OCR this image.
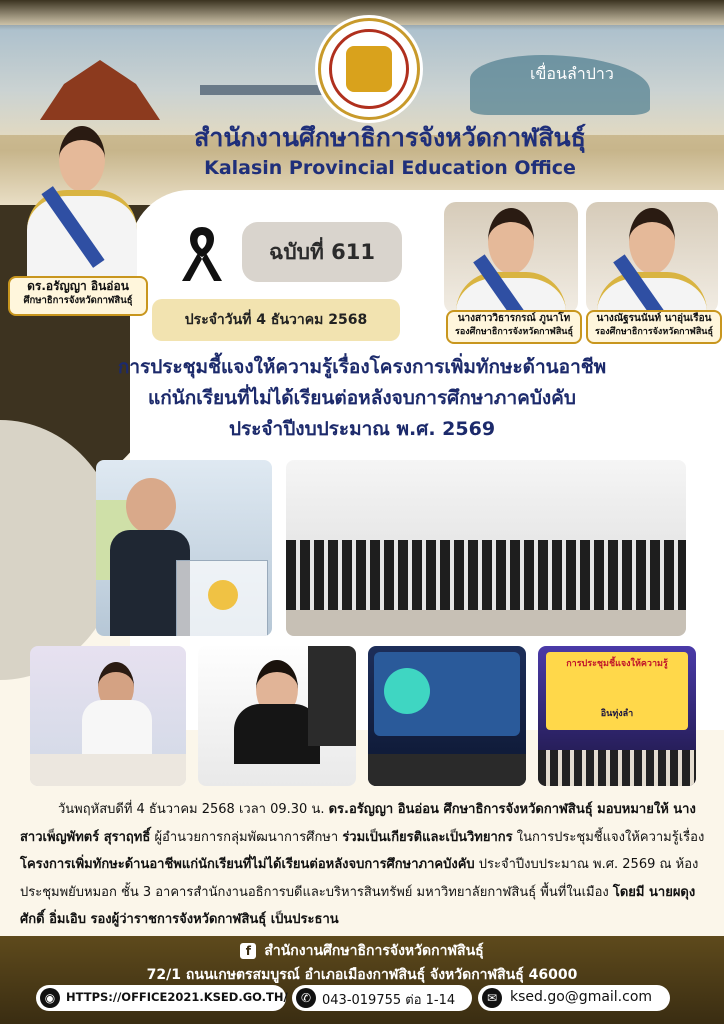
เขื่อนลำปาว
สำนักงานศึกษาธิการจังหวัดกาฬสินธุ์
Kalasin Provincial Education Office
ดร.อรัญญา อินอ่อน
ศึกษาธิการจังหวัดกาฬสินธุ์
นางสาววิธารกรณ์ ภูนาโท
รองศึกษาธิการจังหวัดกาฬสินธุ์
นางณัฐรนนันท์ นาอุ่นเรือน
รองศึกษาธิการจังหวัดกาฬสินธุ์
ฉบับที่ 611
ประจำวันที่ 4 ธันวาคม 2568
การประชุมชี้แจงให้ความรู้เรื่องโครงการเพิ่มทักษะด้านอาชีพ
แก่นักเรียนที่ไม่ได้เรียนต่อหลังจบการศึกษาภาคบังคับ
ประจำปีงบประมาณ พ.ศ. 2569
การประชุมชี้แจงให้ความรู้
อินทุ่งลำ
วันพฤหัสบดีที่ 4 ธันวาคม 2568 เวลา 09.30 น. ดร.อรัญญา อินอ่อน ศึกษาธิการจังหวัดกาฬสินธุ์ มอบหมายให้ นางสาวเพ็ญพัทตร์ สุราฤทธิ์ ผู้อำนวยการกลุ่มพัฒนาการศึกษา ร่วมเป็นเกียรติและเป็นวิทยากร ในการประชุมชี้แจงให้ความรู้เรื่องโครงการเพิ่มทักษะด้านอาชีพแก่นักเรียนที่ไม่ได้เรียนต่อหลังจบการศึกษาภาคบังคับ ประจำปีงบประมาณ พ.ศ. 2569 ณ ห้องประชุมพยับหมอก ชั้น 3 อาคารสำนักงานอธิการบดีและบริหารสินทรัพย์ มหาวิทยาลัยกาฬสินธุ์ พื้นที่ในเมือง โดยมี นายผดุงศักดิ์ อิ่มเอิบ รองผู้ว่าราชการจังหวัดกาฬสินธุ์ เป็นประธาน
f สำนักงานศึกษาธิการจังหวัดกาฬสินธุ์
72/1 ถนนเกษตรสมบูรณ์ อำเภอเมืองกาฬสินธุ์ จังหวัดกาฬสินธุ์ 46000
◉ HTTPS://OFFICE2021.KSED.GO.TH/	✆ 043-019755 ต่อ 1-14	✉ ksed.go@gmail.com
